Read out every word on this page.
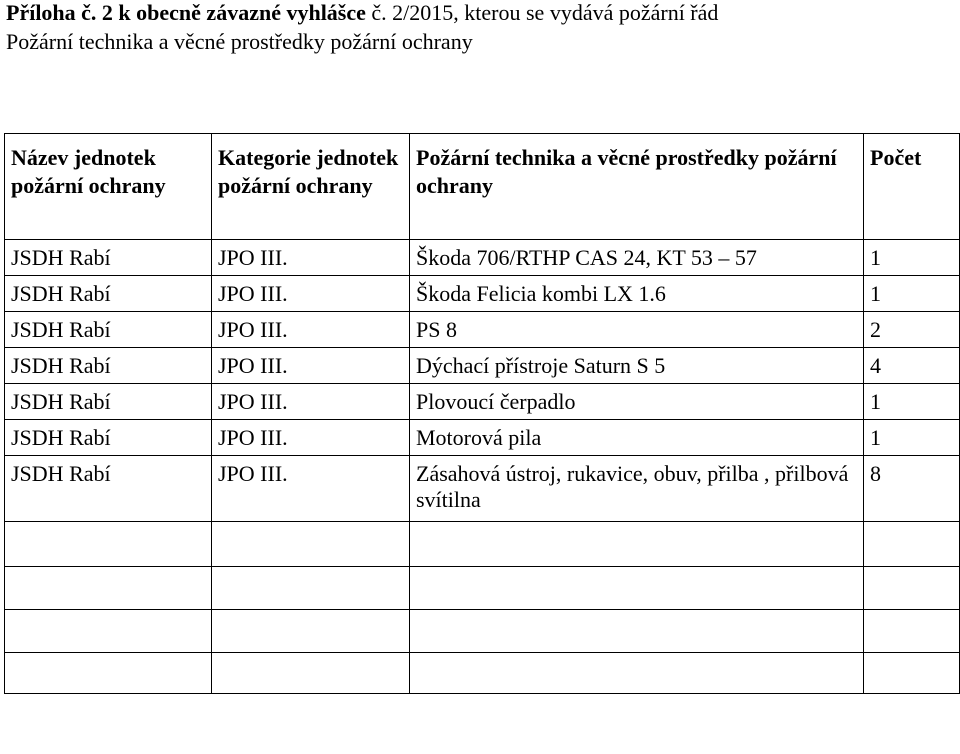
Příloha č. 2 k obecně závazné vyhlášce č. 2/2015, kterou se vydává požární řád
Požární technika a věcné prostředky požární ochrany
Název jednotek požární ochrany	Kategorie jednotek požární ochrany	Požární technika a věcné prostředky požární ochrany	Počet
JSDH Rabí	JPO III.	Škoda 706/RTHP CAS 24, KT 53 – 57	1
JSDH Rabí	JPO III.	Škoda Felicia kombi LX 1.6	1
JSDH Rabí	JPO III.	PS 8	2
JSDH Rabí	JPO III.	Dýchací přístroje Saturn S 5	4
JSDH Rabí	JPO III.	Plovoucí čerpadlo	1
JSDH Rabí	JPO III.	Motorová pila	1
JSDH Rabí	JPO III.	Zásahová ústroj, rukavice, obuv, přilba , přilbová svítilna	8
